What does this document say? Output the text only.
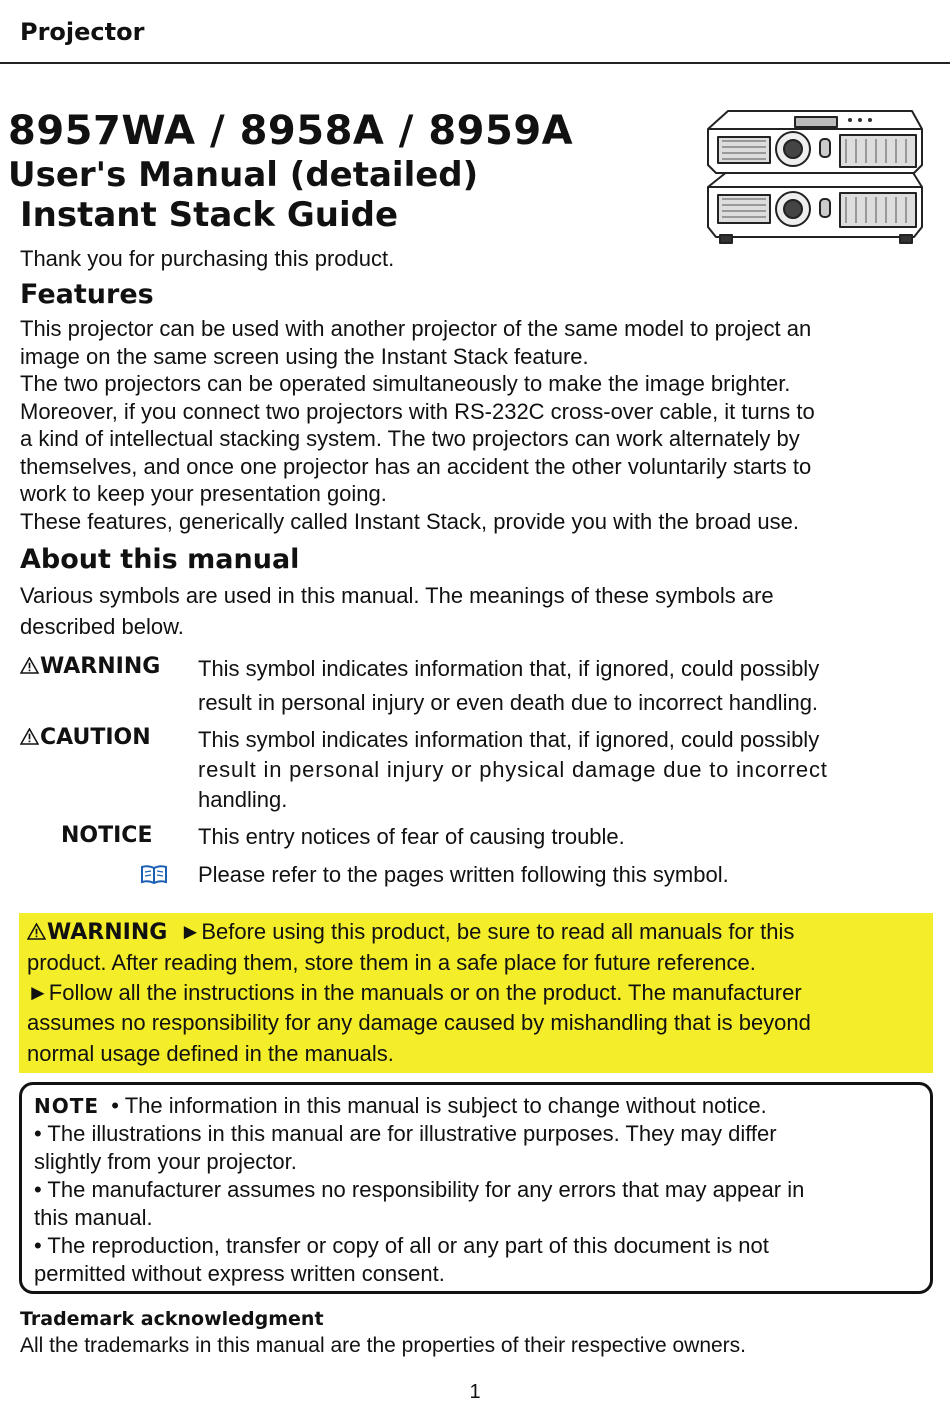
Projector
8957WA / 8958A / 8959A
User's Manual (detailed)
Instant Stack Guide
Thank you for purchasing this product.
Features
This projector can be used with another projector of the same model to project an
image on the same screen using the Instant Stack feature.
The two projectors can be operated simultaneously to make the image brighter.
Moreover, if you connect two projectors with RS-232C cross-over cable, it turns to
a kind of intellectual stacking system. The two projectors can work alternately by
themselves, and once one projector has an accident the other voluntarily starts to
work to keep your presentation going.
These features, generically called Instant Stack, provide you with the broad use.
About this manual
Various symbols are used in this manual. The meanings of these symbols are
described below.
WARNING This symbol indicates information that, if ignored, could possibly
result in personal injury or even death due to incorrect handling.
CAUTION This symbol indicates information that, if ignored, could possibly
result in personal injury or physical damage due to incorrect
handling.
NOTICE This entry notices of fear of causing trouble.
Please refer to the pages written following this symbol.
WARNING ►Before using this product, be sure to read all manuals for this
product. After reading them, store them in a safe place for future reference.
►Follow all the instructions in the manuals or on the product. The manufacturer
assumes no responsibility for any damage caused by mishandling that is beyond
normal usage defined in the manuals.
NOTE • The information in this manual is subject to change without notice.
• The illustrations in this manual are for illustrative purposes. They may differ
slightly from your projector.
• The manufacturer assumes no responsibility for any errors that may appear in
this manual.
• The reproduction, transfer or copy of all or any part of this document is not
permitted without express written consent.
Trademark acknowledgment
All the trademarks in this manual are the properties of their respective owners.
1
